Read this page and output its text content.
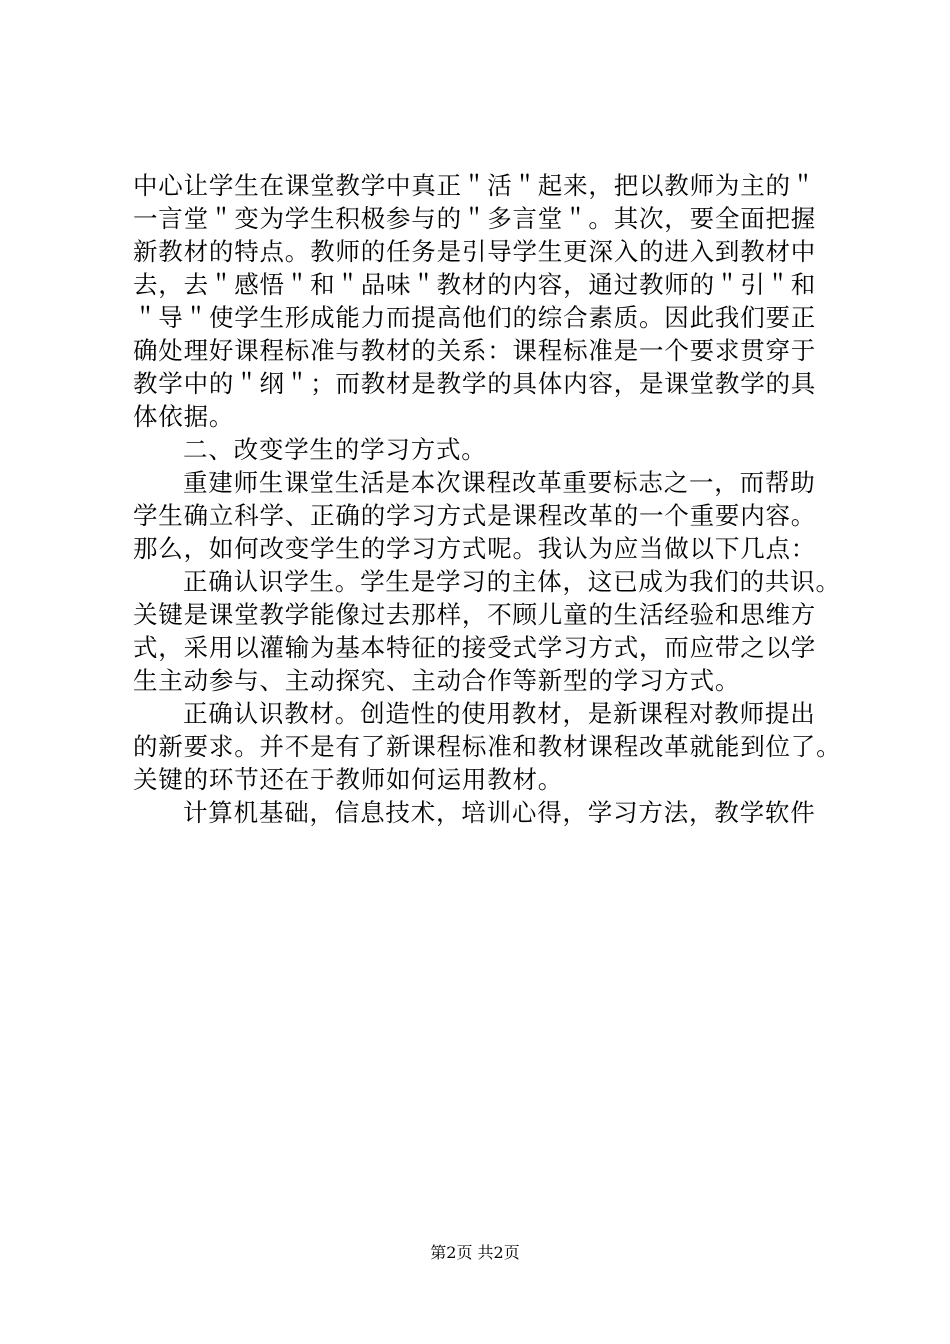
中心让学生在课堂教学中真正＂活＂起来，把以教师为主的＂
一言堂＂变为学生积极参与的＂多言堂＂。其次，要全面把握
新教材的特点。教师的任务是引导学生更深入的进入到教材中
去，去＂感悟＂和＂品味＂教材的内容，通过教师的＂引＂和
＂导＂使学生形成能力而提高他们的综合素质。因此我们要正
确处理好课程标准与教材的关系：课程标准是一个要求贯穿于
教学中的＂纲＂；而教材是教学的具体内容，是课堂教学的具
体依据。
二、改变学生的学习方式。
重建师生课堂生活是本次课程改革重要标志之一，而帮助
学生确立科学、正确的学习方式是课程改革的一个重要内容。
那么，如何改变学生的学习方式呢。我认为应当做以下几点：
正确认识学生。学生是学习的主体，这已成为我们的共识。
关键是课堂教学能像过去那样，不顾儿童的生活经验和思维方
式，采用以灌输为基本特征的接受式学习方式，而应带之以学
生主动参与、主动探究、主动合作等新型的学习方式。
正确认识教材。创造性的使用教材，是新课程对教师提出
的新要求。并不是有了新课程标准和教材课程改革就能到位了。
关键的环节还在于教师如何运用教材。
计算机基础，信息技术，培训心得，学习方法，教学软件
第2页 共2页
